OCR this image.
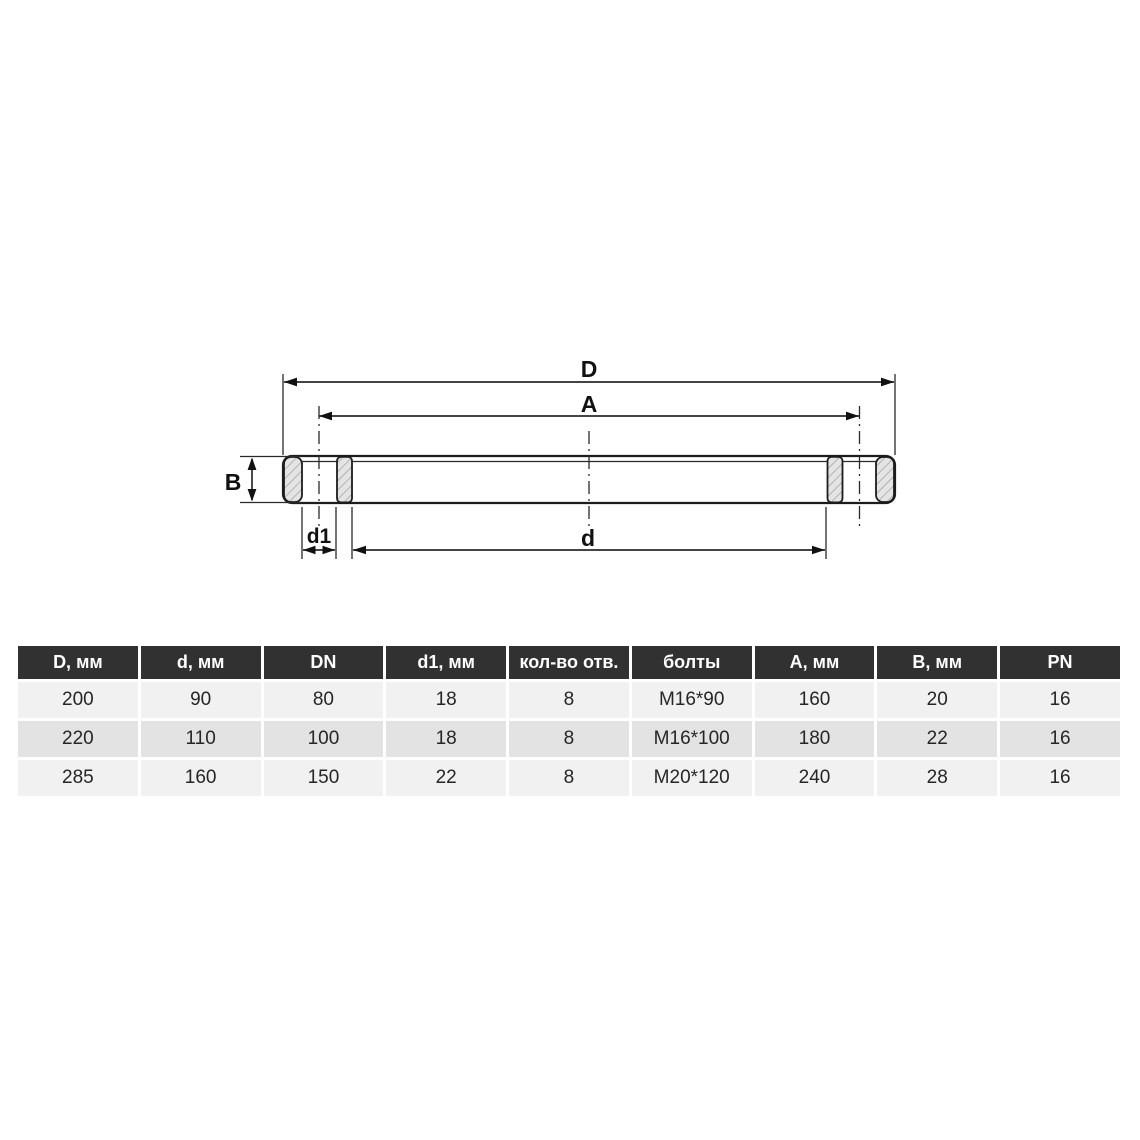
D
A
B
d1	d
D, мм	d, мм	DN	d1, мм	кол-во отв.	болты	A, мм	B, мм	PN
200	90	80	18	8	M16*90	160	20	16
220	110	100	18	8	M16*100	180	22	16
285	160	150	22	8	M20*120	240	28	16
